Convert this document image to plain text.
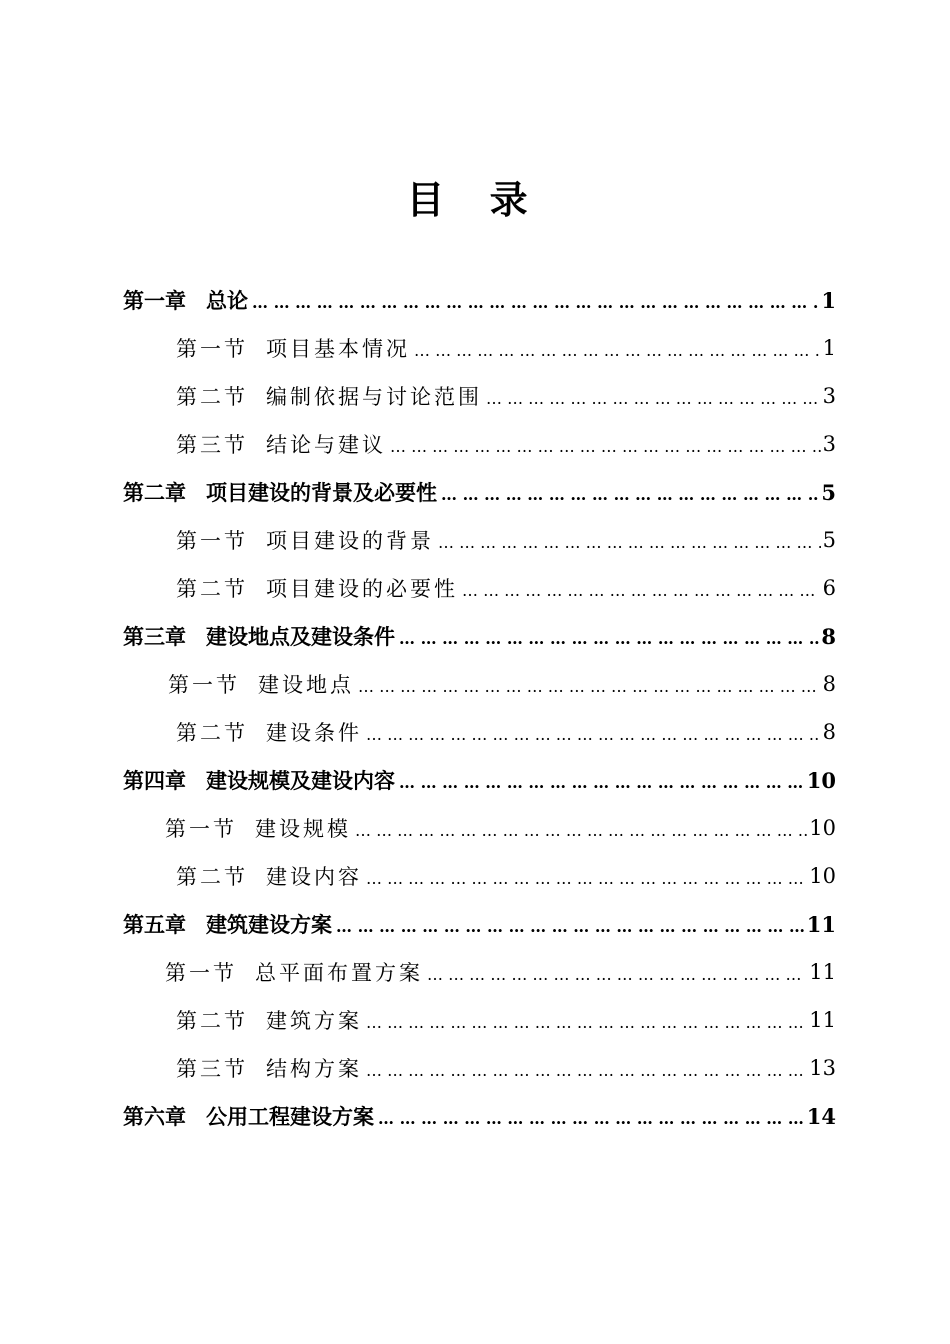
目 录
第一章 总论 … … … … … … … … … … … … … … … … … … … … … … … … … … … … … … … … … … … … … … … … … … … … … …	1
第一节 项目基本情况 … … … … … … … … … … … … … … … … … … … … … … … … … … … … … … … … … … … … … … … … … … … … … …	1
第二节 编制依据与讨论范围 … … … … … … … … … … … … … … … … … … … … … … … … … … … … … … … … … … … … … … … … … … … … … …	3
第三节 结论与建议 … … … … … … … … … … … … … … … … … … … … … … … … … … … … … … … … … … … … … … … … … … … … … …	3
第二章 项目建设的背景及必要性 … … … … … … … … … … … … … … … … … … … … … … … … … … … … … … … … … … … … … … … … … … … … … …	5
第一节 项目建设的背景 … … … … … … … … … … … … … … … … … … … … … … … … … … … … … … … … … … … … … … … … … … … … … …	5
第二节 项目建设的必要性 … … … … … … … … … … … … … … … … … … … … … … … … … … … … … … … … … … … … … … … … … … … … … …	6
第三章 建设地点及建设条件 … … … … … … … … … … … … … … … … … … … … … … … … … … … … … … … … … … … … … … … … … … … … … …	8
第一节 建设地点 … … … … … … … … … … … … … … … … … … … … … … … … … … … … … … … … … … … … … … … … … … … … … …	8
第二节 建设条件 … … … … … … … … … … … … … … … … … … … … … … … … … … … … … … … … … … … … … … … … … … … … … …	8
第四章 建设规模及建设内容 … … … … … … … … … … … … … … … … … … … … … … … … … … … … … … … … … … … … … … … … … … … … … …	10
第一节 建设规模 … … … … … … … … … … … … … … … … … … … … … … … … … … … … … … … … … … … … … … … … … … … … … …	10
第二节 建设内容 … … … … … … … … … … … … … … … … … … … … … … … … … … … … … … … … … … … … … … … … … … … … … …	10
第五章 建筑建设方案 … … … … … … … … … … … … … … … … … … … … … … … … … … … … … … … … … … … … … … … … … … … … … …	11
第一节 总平面布置方案 … … … … … … … … … … … … … … … … … … … … … … … … … … … … … … … … … … … … … … … … … … … … … …	11
第二节 建筑方案 … … … … … … … … … … … … … … … … … … … … … … … … … … … … … … … … … … … … … … … … … … … … … …	11
第三节 结构方案 … … … … … … … … … … … … … … … … … … … … … … … … … … … … … … … … … … … … … … … … … … … … … …	13
第六章 公用工程建设方案 … … … … … … … … … … … … … … … … … … … … … … … … … … … … … … … … … … … … … … … … … … … … … …	14
